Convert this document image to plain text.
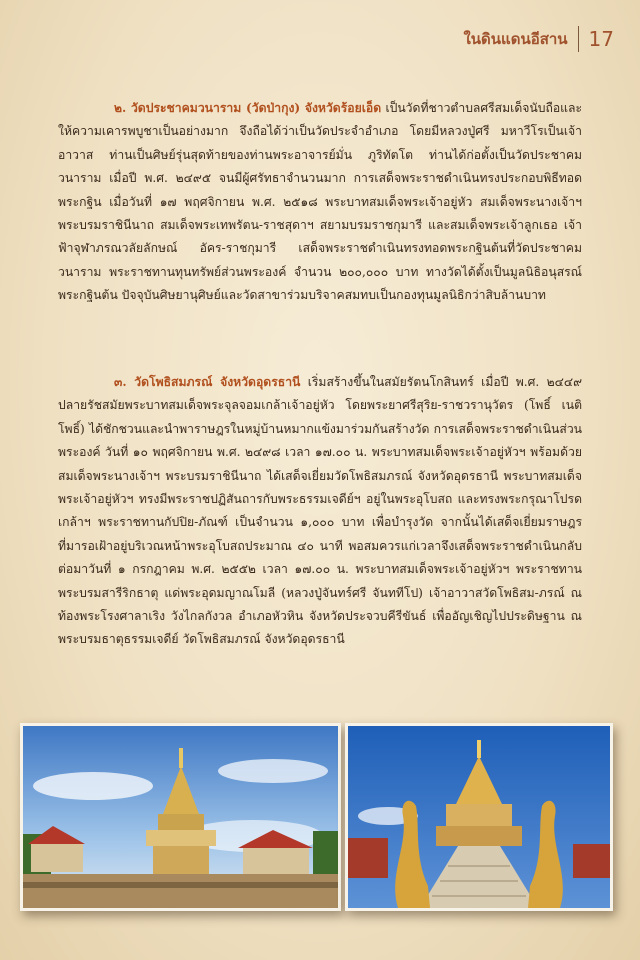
ในดินแดนอีสาน 17

๒. วัดประชาคมวนาราม (วัดป่ากุง) จังหวัดร้อยเอ็ด เป็นวัดที่ชาวตำบลศรีสมเด็จนับถือและให้ความเคารพบูชาเป็นอย่างมาก จึงถือได้ว่าเป็นวัดประจำอำเภอ โดยมีหลวงปู่ศรี มหาวีโรเป็นเจ้าอาวาส ท่านเป็นศิษย์รุ่นสุดท้ายของท่านพระอาจารย์มั่น ภูริทัตโต ท่านได้ก่อตั้งเป็นวัดประชาคมวนาราม เมื่อปี พ.ศ. ๒๔๙๕ จนมีผู้ศรัทธาจำนวนมาก การเสด็จพระราชดำเนินทรงประกอบพิธีทอดพระกฐิน เมื่อวันที่ ๑๗ พฤศจิกายน พ.ศ. ๒๕๑๘ พระบาทสมเด็จพระเจ้าอยู่หัว สมเด็จพระนางเจ้าฯ พระบรมราชินีนาถ สมเด็จพระเทพรัตน-ราชสุดาฯ สยามบรมราชกุมารี และสมเด็จพระเจ้าลูกเธอ เจ้าฟ้าจุฬาภรณวลัยลักษณ์ อัคร-ราชกุมารี เสด็จพระราชดำเนินทรงทอดพระกฐินต้นที่วัดประชาคมวนาราม พระราชทานทุนทรัพย์ส่วนพระองค์ จำนวน ๒๐๐,๐๐๐ บาท ทางวัดได้ตั้งเป็นมูลนิธิอนุสรณ์พระกฐินต้น ปัจจุบันศิษยานุศิษย์และวัดสาขาร่วมบริจาคสมทบเป็นกองทุนมูลนิธิกว่าสิบล้านบาท

๓. วัดโพธิสมภรณ์ จังหวัดอุดรธานี เริ่มสร้างขึ้นในสมัยรัตนโกสินทร์ เมื่อปี พ.ศ. ๒๔๔๙ ปลายรัชสมัยพระบาทสมเด็จพระจุลจอมเกล้าเจ้าอยู่หัว โดยพระยาศรีสุริย-ราชวรานุวัตร (โพธิ์ เนติโพธิ์) ได้ชักชวนและนำพาราษฎรในหมู่บ้านหมากแข้งมาร่วมกันสร้างวัด การเสด็จพระราชดำเนินส่วนพระองค์ วันที่ ๑๐ พฤศจิกายน พ.ศ. ๒๔๙๘ เวลา ๑๗.๐๐ น. พระบาทสมเด็จพระเจ้าอยู่หัวฯ พร้อมด้วยสมเด็จพระนางเจ้าฯ พระบรมราชินีนาถ ได้เสด็จเยี่ยมวัดโพธิสมภรณ์ จังหวัดอุดรธานี พระบาทสมเด็จพระเจ้าอยู่หัวฯ ทรงมีพระราชปฏิสันถารกับพระธรรมเจดีย์ฯ อยู่ในพระอุโบสถ และทรงพระกรุณาโปรดเกล้าฯ พระราชทานกัปปิย-ภัณฑ์ เป็นจำนวน ๑,๐๐๐ บาท เพื่อบำรุงวัด จากนั้นได้เสด็จเยี่ยมราษฎรที่มารอเฝ้าอยู่บริเวณหน้าพระอุโบสถประมาณ ๔๐ นาที พอสมควรแก่เวลาจึงเสด็จพระราชดำเนินกลับ ต่อมาวันที่ ๑ กรกฎาคม พ.ศ. ๒๕๕๒ เวลา ๑๗.๐๐ น. พระบาทสมเด็จพระเจ้าอยู่หัวฯ พระราชทานพระบรมสารีริกธาตุ แด่พระอุดมญาณโมลี (หลวงปู่จันทร์ศรี จันททีโป) เจ้าอาวาสวัดโพธิสม-ภรณ์ ณ ท้องพระโรงศาลาเริง วังไกลกังวล อำเภอหัวหิน จังหวัดประจวบคีรีขันธ์ เพื่ออัญเชิญไปประดิษฐาน ณ พระบรมธาตุธรรมเจดีย์ วัดโพธิสมภรณ์ จังหวัดอุดรธานี
